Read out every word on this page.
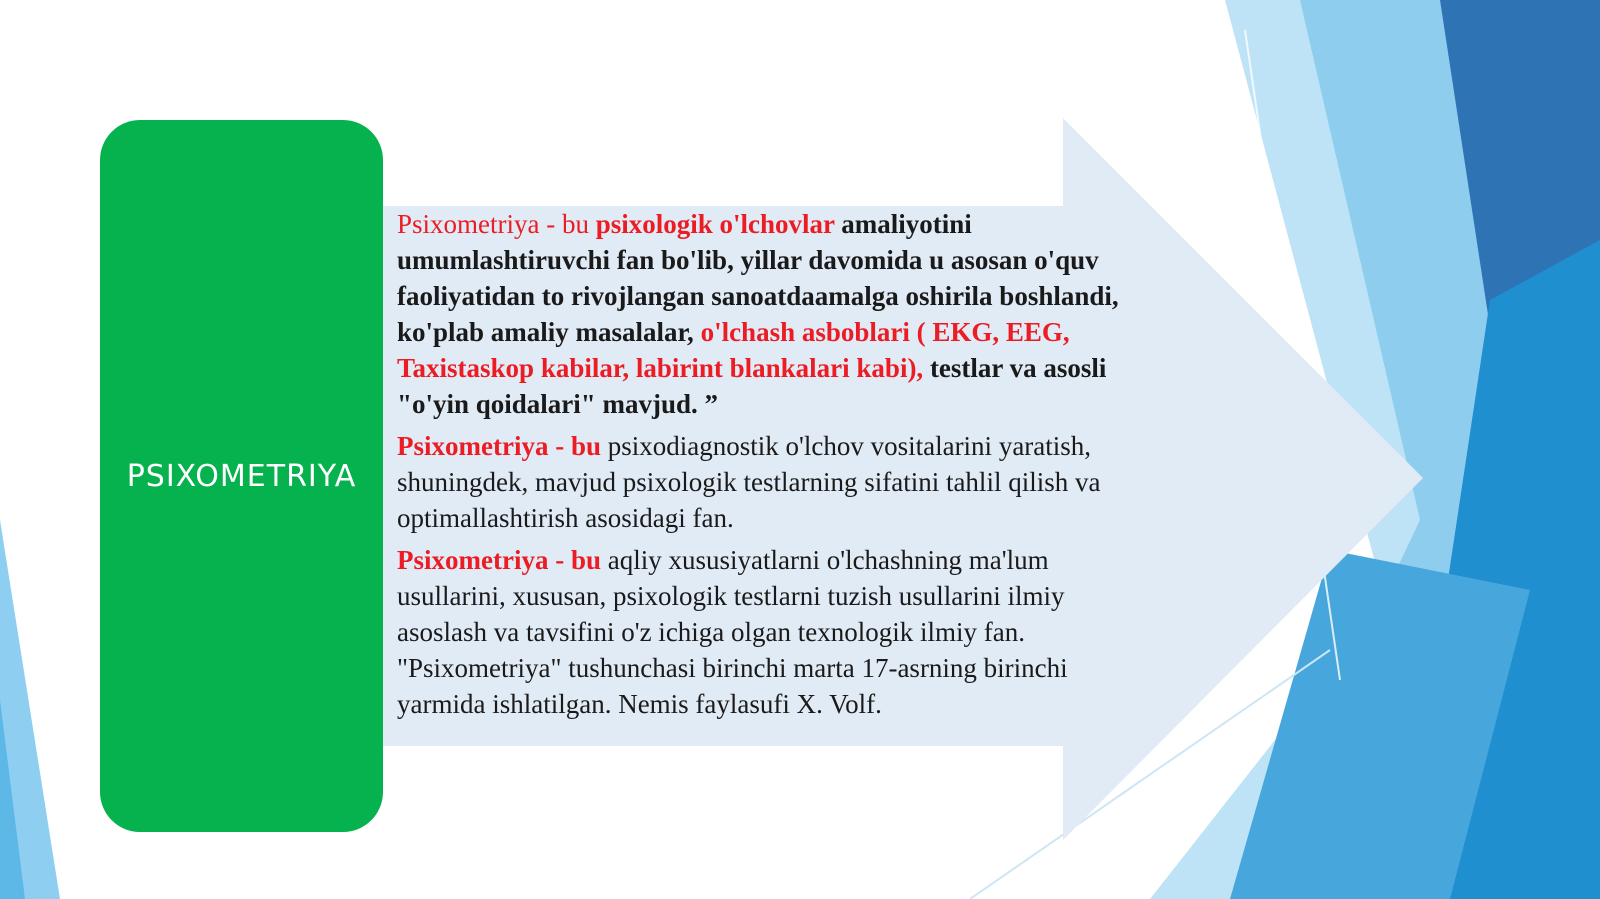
PSIXOMETRIYA

Psixometriya - bu psixologik o'lchovlar amaliyotini umumlashtiruvchi fan bo'lib, yillar davomida u asosan o'quv faoliyatidan to rivojlangan sanoatdaamalga oshirila boshlandi, ko'plab amaliy masalalar, o'lchash asboblari ( EKG, EEG, Taxistaskop kabilar, labirint blankalari kabi), testlar va asosli "o'yin qoidalari" mavjud. ”

Psixometriya - bu psixodiagnostik o'lchov vositalarini yaratish, shuningdek, mavjud psixologik testlarning sifatini tahlil qilish va optimallashtirish asosidagi fan.

Psixometriya - bu aqliy xususiyatlarni o'lchashning ma'lum usullarini, xususan, psixologik testlarni tuzish usullarini ilmiy asoslash va tavsifini o'z ichiga olgan texnologik ilmiy fan. "Psixometriya" tushunchasi birinchi marta 17-asrning birinchi yarmida ishlatilgan. Nemis faylasufi X. Volf.
